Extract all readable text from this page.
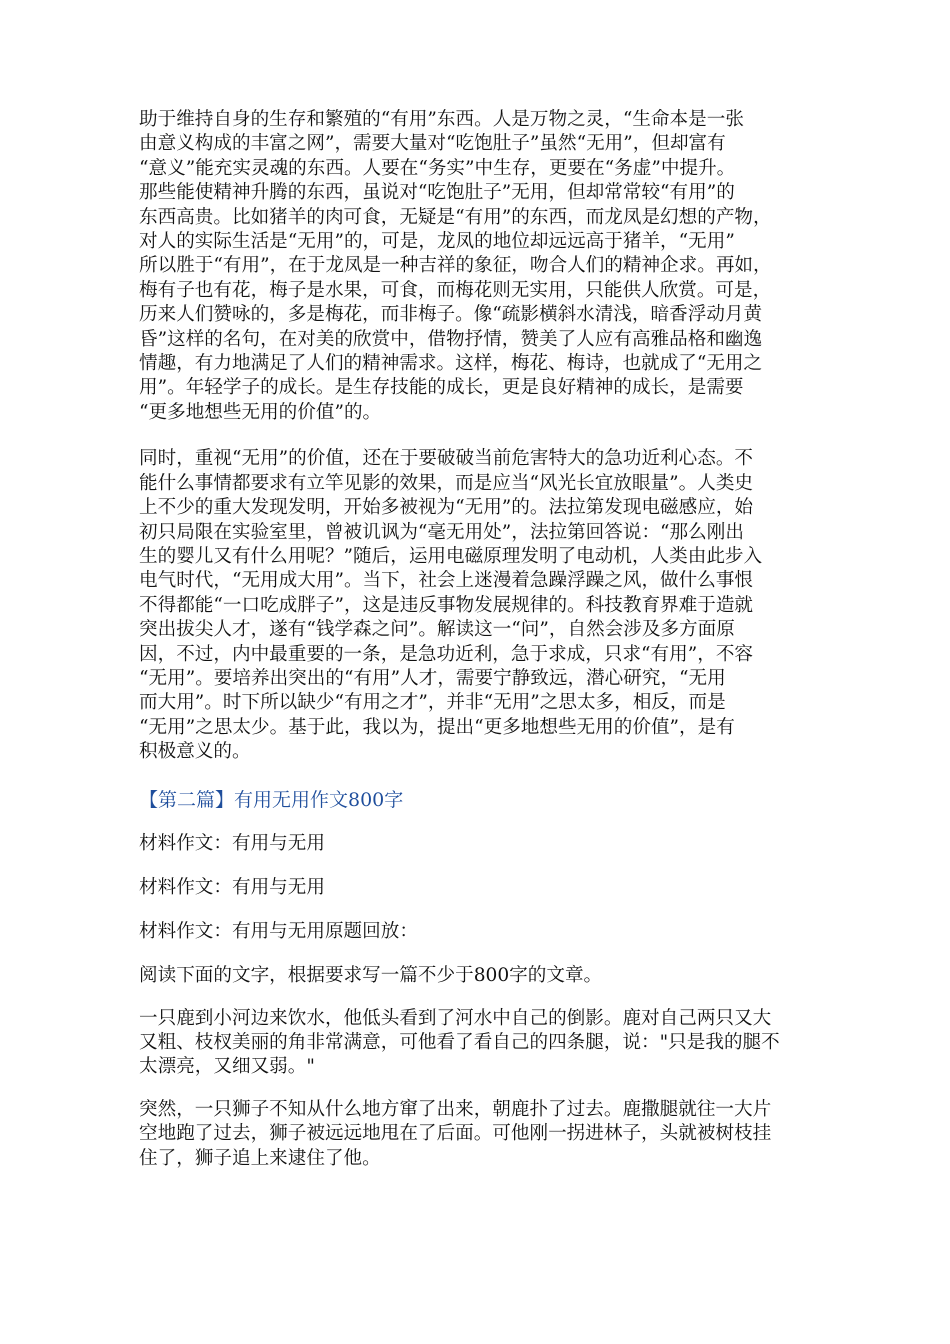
助于维持自身的生存和繁殖的“有用”东西。人是万物之灵，“生命本是一张
由意义构成的丰富之网”，需要大量对“吃饱肚子”虽然“无用”，但却富有
“意义”能充实灵魂的东西。人要在“务实”中生存，更要在“务虚”中提升。
那些能使精神升腾的东西，虽说对“吃饱肚子”无用，但却常常较“有用”的
东西高贵。比如猪羊的肉可食，无疑是“有用”的东西，而龙凤是幻想的产物，
对人的实际生活是“无用”的，可是，龙凤的地位却远远高于猪羊，“无用”
所以胜于“有用”，在于龙凤是一种吉祥的象征，吻合人们的精神企求。再如，
梅有子也有花，梅子是水果，可食，而梅花则无实用，只能供人欣赏。可是，
历来人们赞咏的，多是梅花，而非梅子。像“疏影横斜水清浅，暗香浮动月黄
昏”这样的名句，在对美的欣赏中，借物抒情，赞美了人应有高雅品格和幽逸
情趣，有力地满足了人们的精神需求。这样，梅花、梅诗，也就成了“无用之
用”。年轻学子的成长。是生存技能的成长，更是良好精神的成长，是需要
“更多地想些无用的价值”的。

同时，重视“无用”的价值，还在于要破破当前危害特大的急功近利心态。不
能什么事情都要求有立竿见影的效果，而是应当“风光长宜放眼量”。人类史
上不少的重大发现发明，开始多被视为“无用”的。法拉第发现电磁感应，始
初只局限在实验室里，曾被讥讽为“毫无用处”，法拉第回答说：“那么刚出
生的婴儿又有什么用呢？”随后，运用电磁原理发明了电动机，人类由此步入
电气时代，“无用成大用”。当下，社会上迷漫着急躁浮躁之风，做什么事恨
不得都能“一口吃成胖子”，这是违反事物发展规律的。科技教育界难于造就
突出拔尖人才，遂有“钱学森之问”。解读这一“问”，自然会涉及多方面原
因，不过，内中最重要的一条，是急功近利，急于求成，只求“有用”，不容
“无用”。要培养出突出的“有用”人才，需要宁静致远，潜心研究，“无用
而大用”。时下所以缺少“有用之才”，并非“无用”之思太多，相反，而是
“无用”之思太少。基于此，我以为，提出“更多地想些无用的价值”，是有
积极意义的。

【第二篇】有用无用作文800字

材料作文：有用与无用

材料作文：有用与无用

材料作文：有用与无用原题回放：

阅读下面的文字，根据要求写一篇不少于800字的文章。

一只鹿到小河边来饮水，他低头看到了河水中自己的倒影。鹿对自己两只又大
又粗、枝杈美丽的角非常满意，可他看了看自己的四条腿，说："只是我的腿不
太漂亮，又细又弱。"

突然，一只狮子不知从什么地方窜了出来，朝鹿扑了过去。鹿撒腿就往一大片
空地跑了过去，狮子被远远地甩在了后面。可他刚一拐进林子，头就被树枝挂
住了，狮子追上来逮住了他。
